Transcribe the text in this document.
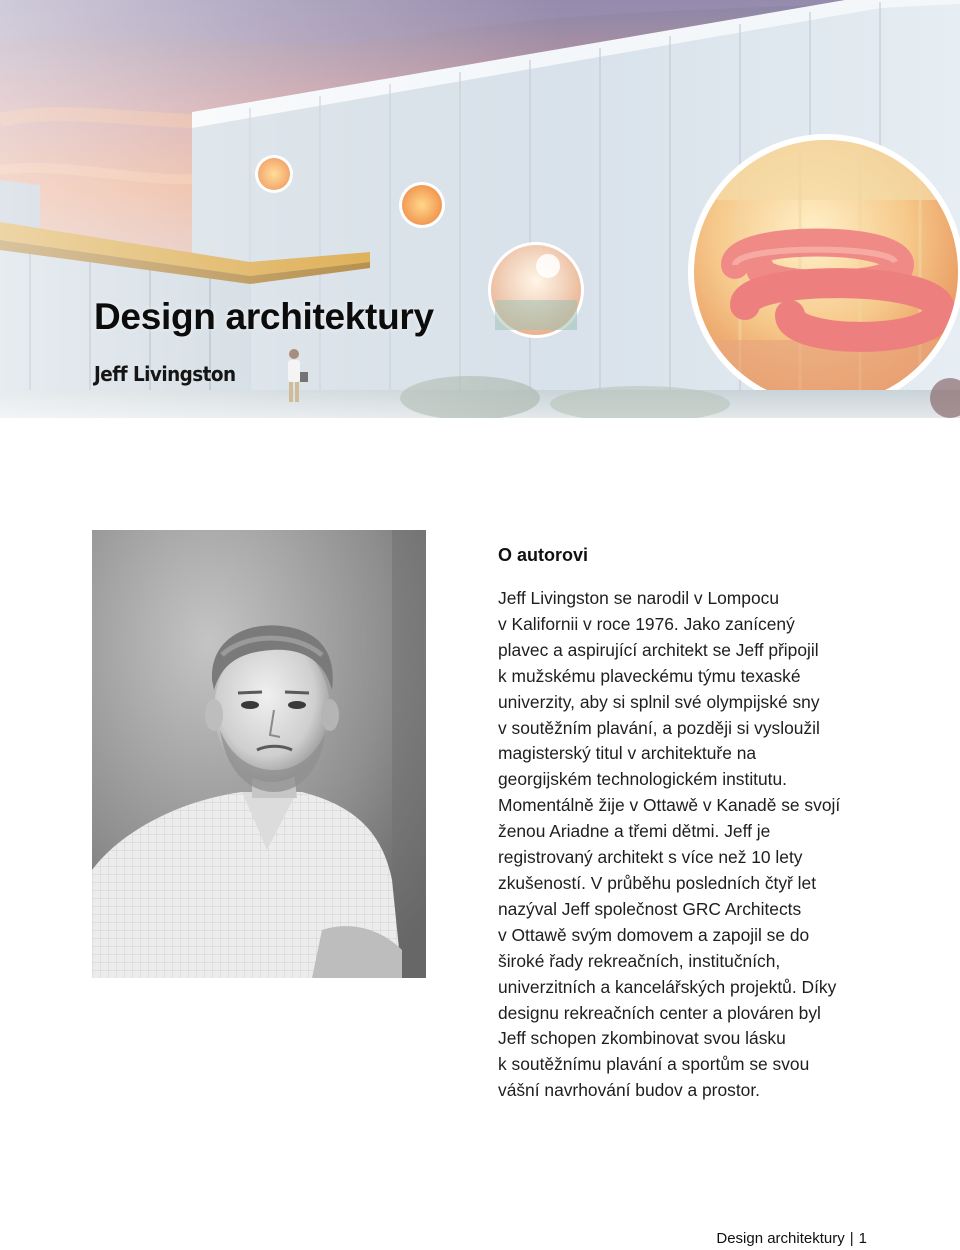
Design architektury

Jeff Livingston

O autorovi
Jeff Livingston se narodil v Lompocu
v Kalifornii v roce 1976. Jako zanícený
plavec a aspirující architekt se Jeff připojil
k mužskému plaveckému týmu texaské
univerzity, aby si splnil své olympijské sny
v soutěžním plavání, a později si vysloužil
magisterský titul v architektuře na
georgijském technologickém institutu.
Momentálně žije v Ottawě v Kanadě se svojí
ženou Ariadne a třemi dětmi. Jeff je
registrovaný architekt s více než 10 lety
zkušeností. V průběhu posledních čtyř let
nazýval Jeff společnost GRC Architects
v Ottawě svým domovem a zapojil se do
široké řady rekreačních, institučních,
univerzitních a kancelářských projektů. Díky
designu rekreačních center a plováren byl
Jeff schopen zkombinovat svou lásku
k soutěžnímu plavání a sportům se svou
vášní navrhování budov a prostor.
Design architektury | 1
